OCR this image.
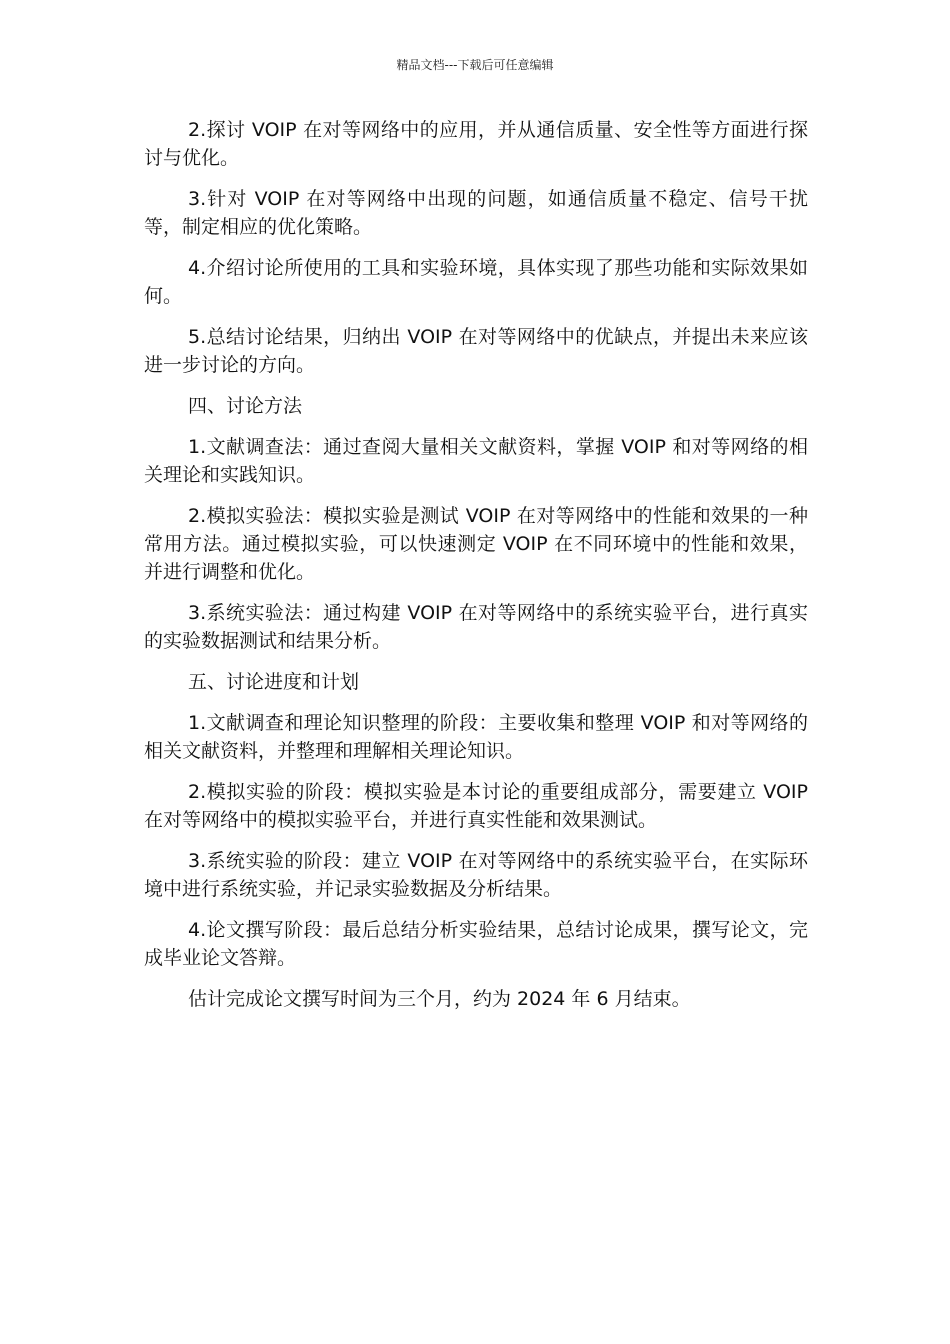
精品文档---下载后可任意编辑

2.探讨 VOIP 在对等网络中的应用，并从通信质量、安全性等方面进行探讨与优化。

3.针对 VOIP 在对等网络中出现的问题，如通信质量不稳定、信号干扰等，制定相应的优化策略。

4.介绍讨论所使用的工具和实验环境，具体实现了那些功能和实际效果如何。

5.总结讨论结果，归纳出 VOIP 在对等网络中的优缺点，并提出未来应该进一步讨论的方向。

四、讨论方法

1.文献调查法：通过查阅大量相关文献资料，掌握 VOIP 和对等网络的相关理论和实践知识。

2.模拟实验法：模拟实验是测试 VOIP 在对等网络中的性能和效果的一种常用方法。通过模拟实验，可以快速测定 VOIP 在不同环境中的性能和效果，并进行调整和优化。

3.系统实验法：通过构建 VOIP 在对等网络中的系统实验平台，进行真实的实验数据测试和结果分析。

五、讨论进度和计划

1.文献调查和理论知识整理的阶段：主要收集和整理 VOIP 和对等网络的相关文献资料，并整理和理解相关理论知识。

2.模拟实验的阶段：模拟实验是本讨论的重要组成部分，需要建立 VOIP 在对等网络中的模拟实验平台，并进行真实性能和效果测试。

3.系统实验的阶段：建立 VOIP 在对等网络中的系统实验平台，在实际环境中进行系统实验，并记录实验数据及分析结果。

4.论文撰写阶段：最后总结分析实验结果，总结讨论成果，撰写论文，完成毕业论文答辩。

估计完成论文撰写时间为三个月，约为 2024 年 6 月结束。
